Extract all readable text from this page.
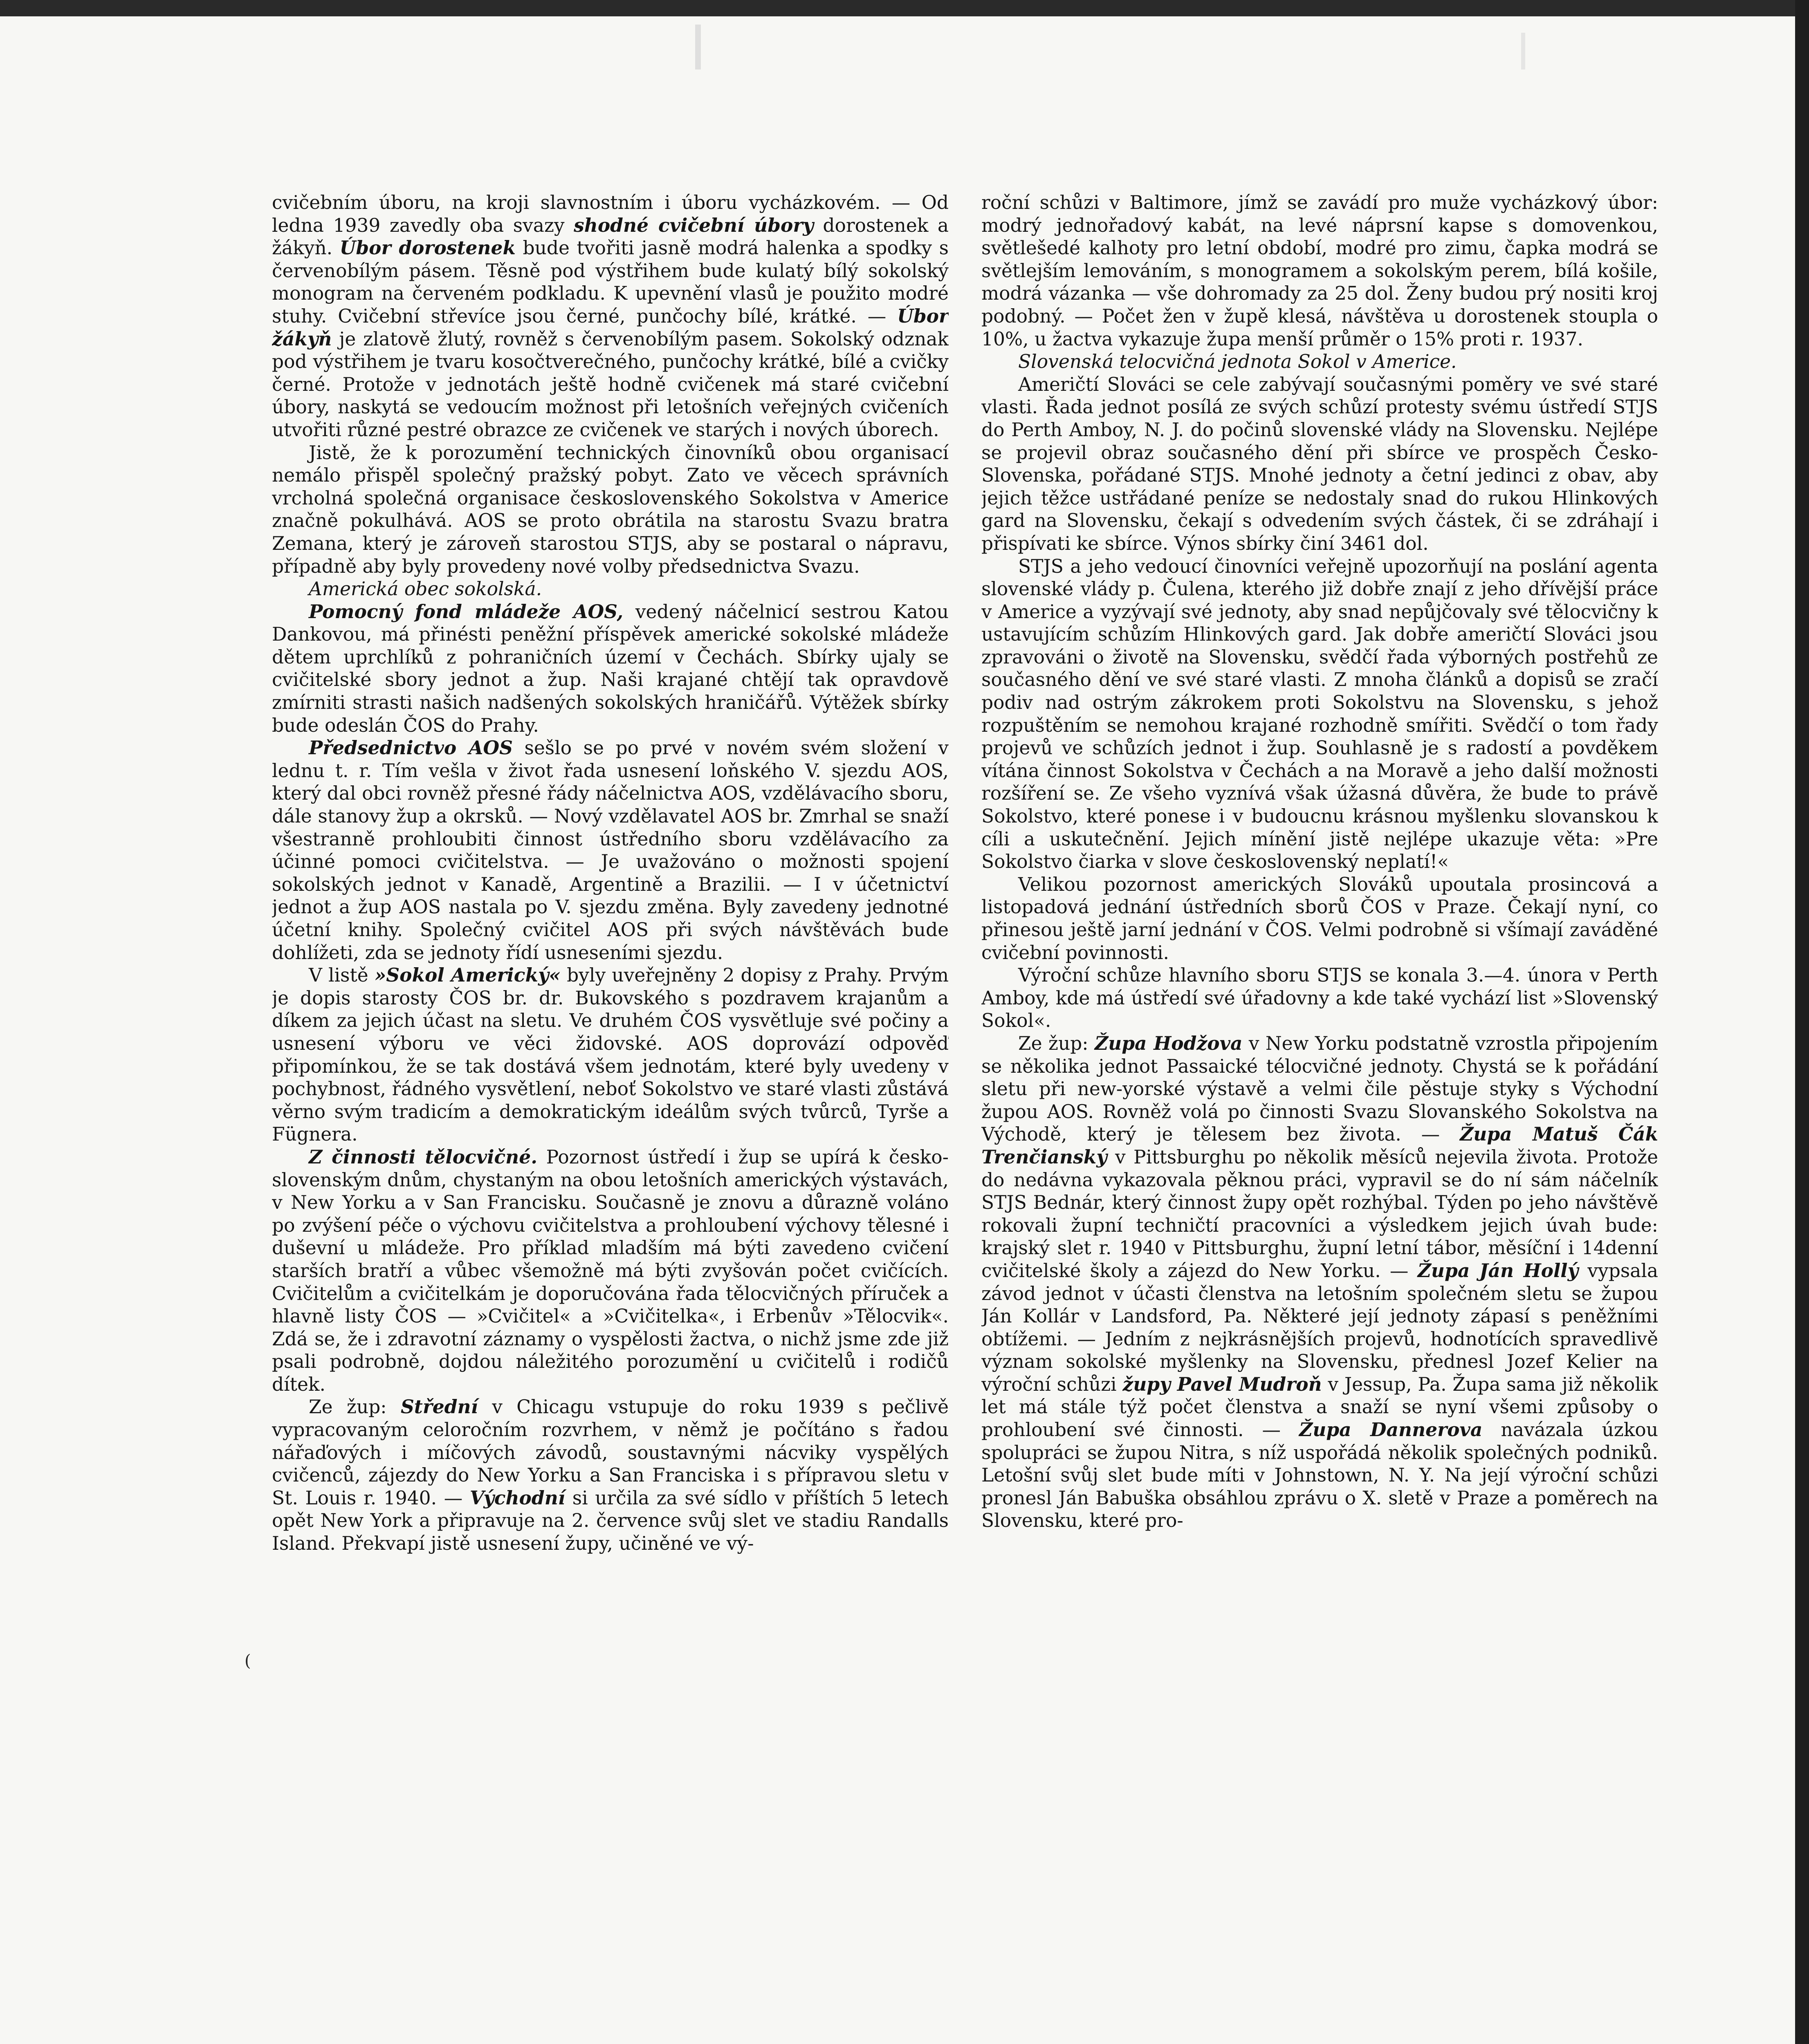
cvičebním úboru, na kroji slavnostním i úboru vycházkovém. — Od ledna 1939 zavedly oba svazy shodné cvičební úbory dorostenek a žákyň. Úbor dorostenek bude tvořiti jasně modrá halenka a spodky s červenobílým pásem. Těsně pod výstřihem bude kulatý bílý sokolský monogram na červeném podkladu. K upevnění vlasů je použito modré stuhy. Cvičební střevíce jsou černé, punčochy bílé, krátké. — Úbor žákyň je zlatově žlutý, rovněž s červenobílým pasem. Sokolský odznak pod výstřihem je tvaru kosočtverečného, punčochy krátké, bílé a cvičky černé. Protože v jednotách ještě hodně cvičenek má staré cvičební úbory, naskytá se vedoucím možnost při letošních veřejných cvičeních utvořiti různé pestré obrazce ze cvičenek ve starých i nových úborech.

Jistě, že k porozumění technických činovníků obou organisací nemálo přispěl společný pražský pobyt. Zato ve věcech správních vrcholná společná organisace československého Sokolstva v Americe značně pokulhává. AOS se proto obrátila na starostu Svazu bratra Zemana, který je zároveň starostou STJS, aby se postaral o nápravu, případně aby byly provedeny nové volby předsednictva Svazu.

Americká obec sokolská.

Pomocný fond mládeže AOS, vedený náčelnicí sestrou Katou Dankovou, má přinésti peněžní příspěvek americké sokolské mládeže dětem uprchlíků z pohraničních území v Čechách. Sbírky ujaly se cvičitelské sbory jednot a žup. Naši krajané chtějí tak opravdově zmírniti strasti našich nadšených sokolských hraničářů. Výtěžek sbírky bude odeslán ČOS do Prahy.

Předsednictvo AOS sešlo se po prvé v novém svém složení v lednu t. r. Tím vešla v život řada usnesení loňského V. sjezdu AOS, který dal obci rovněž přesné řády náčelnictva AOS, vzdělávacího sboru, dále stanovy žup a okrsků. — Nový vzdělavatel AOS br. Zmrhal se snaží všestranně prohloubiti činnost ústředního sboru vzdělávacího za účinné pomoci cvičitelstva. — Je uvažováno o možnosti spojení sokolských jednot v Kanadě, Argentině a Brazilii. — I v účetnictví jednot a žup AOS nastala po V. sjezdu změna. Byly zavedeny jednotné účetní knihy. Společný cvičitel AOS při svých návštěvách bude dohlížeti, zda se jednoty řídí usneseními sjezdu.

V listě »Sokol Americký« byly uveřejněny 2 dopisy z Prahy. Prvým je dopis starosty ČOS br. dr. Bukovského s pozdravem krajanům a díkem za jejich účast na sletu. Ve druhém ČOS vysvětluje své počiny a usnesení výboru ve věci židovské. AOS doprovází odpověď připomínkou, že se tak dostává všem jednotám, které byly uvedeny v pochybnost, řádného vysvětlení, neboť Sokolstvo ve staré vlasti zůstává věrno svým tradicím a demokratickým ideálům svých tvůrců, Tyrše a Fügnera.

Z činnosti tělocvičné. Pozornost ústředí i žup se upírá k česko-slovenským dnům, chystaným na obou letošních amerických výstavách, v New Yorku a v San Francisku. Současně je znovu a důrazně voláno po zvýšení péče o výchovu cvičitelstva a prohloubení výchovy tělesné i duševní u mládeže. Pro příklad mladším má býti zavedeno cvičení starších bratří a vůbec všemožně má býti zvyšován počet cvičících. Cvičitelům a cvičitelkám je doporučována řada tělocvičných příruček a hlavně listy ČOS — »Cvičitel« a »Cvičitelka«, i Erbenův »Tělocvik«. Zdá se, že i zdravotní záznamy o vyspělosti žactva, o nichž jsme zde již psali podrobně, dojdou náležitého porozumění u cvičitelů i rodičů dítek.

Ze žup: Střední v Chicagu vstupuje do roku 1939 s pečlivě vypracovaným celoročním rozvrhem, v němž je počítáno s řadou nářaďových i míčových závodů, soustavnými nácviky vyspělých cvičenců, zájezdy do New Yorku a San Franciska i s přípravou sletu v St. Louis r. 1940. — Východní si určila za své sídlo v příštích 5 letech opět New York a připravuje na 2. července svůj slet ve stadiu Randalls Island. Překvapí jistě usnesení župy, učiněné ve vý-

roční schůzi v Baltimore, jímž se zavádí pro muže vycházkový úbor: modrý jednořadový kabát, na levé náprsní kapse s domovenkou, světlešedé kalhoty pro letní období, modré pro zimu, čapka modrá se světlejším lemováním, s monogramem a sokolským perem, bílá košile, modrá vázanka — vše dohromady za 25 dol. Ženy budou prý nositi kroj podobný. — Počet žen v župě klesá, návštěva u dorostenek stoupla o 10%, u žactva vykazuje župa menší průměr o 15% proti r. 1937.

Slovenská telocvičná jednota Sokol v Americe.

Američtí Slováci se cele zabývají současnými poměry ve své staré vlasti. Řada jednot posílá ze svých schůzí protesty svému ústředí STJS do Perth Amboy, N. J. do počinů slovenské vlády na Slovensku. Nejlépe se projevil obraz současného dění při sbírce ve prospěch Česko-Slovenska, pořádané STJS. Mnohé jednoty a četní jedinci z obav, aby jejich těžce ustřádané peníze se nedostaly snad do rukou Hlinkových gard na Slovensku, čekají s odvedením svých částek, či se zdráhají i přispívati ke sbírce. Výnos sbírky činí 3461 dol.

STJS a jeho vedoucí činovníci veřejně upozorňují na poslání agenta slovenské vlády p. Čulena, kterého již dobře znají z jeho dřívější práce v Americe a vyzývají své jednoty, aby snad nepůjčovaly své tělocvičny k ustavujícím schůzím Hlinkových gard. Jak dobře američtí Slováci jsou zpravováni o životě na Slovensku, svědčí řada výborných postřehů ze současného dění ve své staré vlasti. Z mnoha článků a dopisů se zračí podiv nad ostrým zákrokem proti Sokolstvu na Slovensku, s jehož rozpuštěním se nemohou krajané rozhodně smířiti. Svědčí o tom řady projevů ve schůzích jednot i žup. Souhlasně je s radostí a povděkem vítána činnost Sokolstva v Čechách a na Moravě a jeho další možnosti rozšíření se. Ze všeho vyznívá však úžasná důvěra, že bude to právě Sokolstvo, které ponese i v budoucnu krásnou myšlenku slovanskou k cíli a uskutečnění. Jejich mínění jistě nejlépe ukazuje věta: »Pre Sokolstvo čiarka v slove československý neplatí!«

Velikou pozornost amerických Slováků upoutala prosincová a listopadová jednání ústředních sborů ČOS v Praze. Čekají nyní, co přinesou ještě jarní jednání v ČOS. Velmi podrobně si všímají zaváděné cvičební povinnosti.

Výroční schůze hlavního sboru STJS se konala 3.—4. února v Perth Amboy, kde má ústředí své úřadovny a kde také vychází list »Slovenský Sokol«.

Ze žup: Župa Hodžova v New Yorku podstatně vzrostla připojením se několika jednot Passaické télocvičné jednoty. Chystá se k pořádání sletu při new-yorské výstavě a velmi čile pěstuje styky s Východní župou AOS. Rovněž volá po činnosti Svazu Slovanského Sokolstva na Východě, který je tělesem bez života. — Župa Matuš Čák Trenčianský v Pittsburghu po několik měsíců nejevila života. Protože do nedávna vykazovala pěknou práci, vypravil se do ní sám náčelník STJS Bednár, který činnost župy opět rozhýbal. Týden po jeho návštěvě rokovali župní techničtí pracovníci a výsledkem jejich úvah bude: krajský slet r. 1940 v Pittsburghu, župní letní tábor, měsíční i 14denní cvičitelské školy a zájezd do New Yorku. — Župa Ján Hollý vypsala závod jednot v účasti členstva na letošním společném sletu se župou Ján Kollár v Landsford, Pa. Některé její jednoty zápasí s peněžními obtížemi. — Jedním z nejkrásnějších projevů, hodnotících spravedlivě význam sokolské myšlenky na Slovensku, přednesl Jozef Kelier na výroční schůzi župy Pavel Mudroň v Jessup, Pa. Župa sama již několik let má stále týž počet členstva a snaží se nyní všemi způsoby o prohloubení své činnosti. — Župa Dannerova navázala úzkou spolupráci se župou Nitra, s níž uspořádá několik společných podniků. Letošní svůj slet bude míti v Johnstown, N. Y. Na její výroční schůzi pronesl Ján Babuška obsáhlou zprávu o X. sletě v Praze a poměrech na Slovensku, které pro-

(
